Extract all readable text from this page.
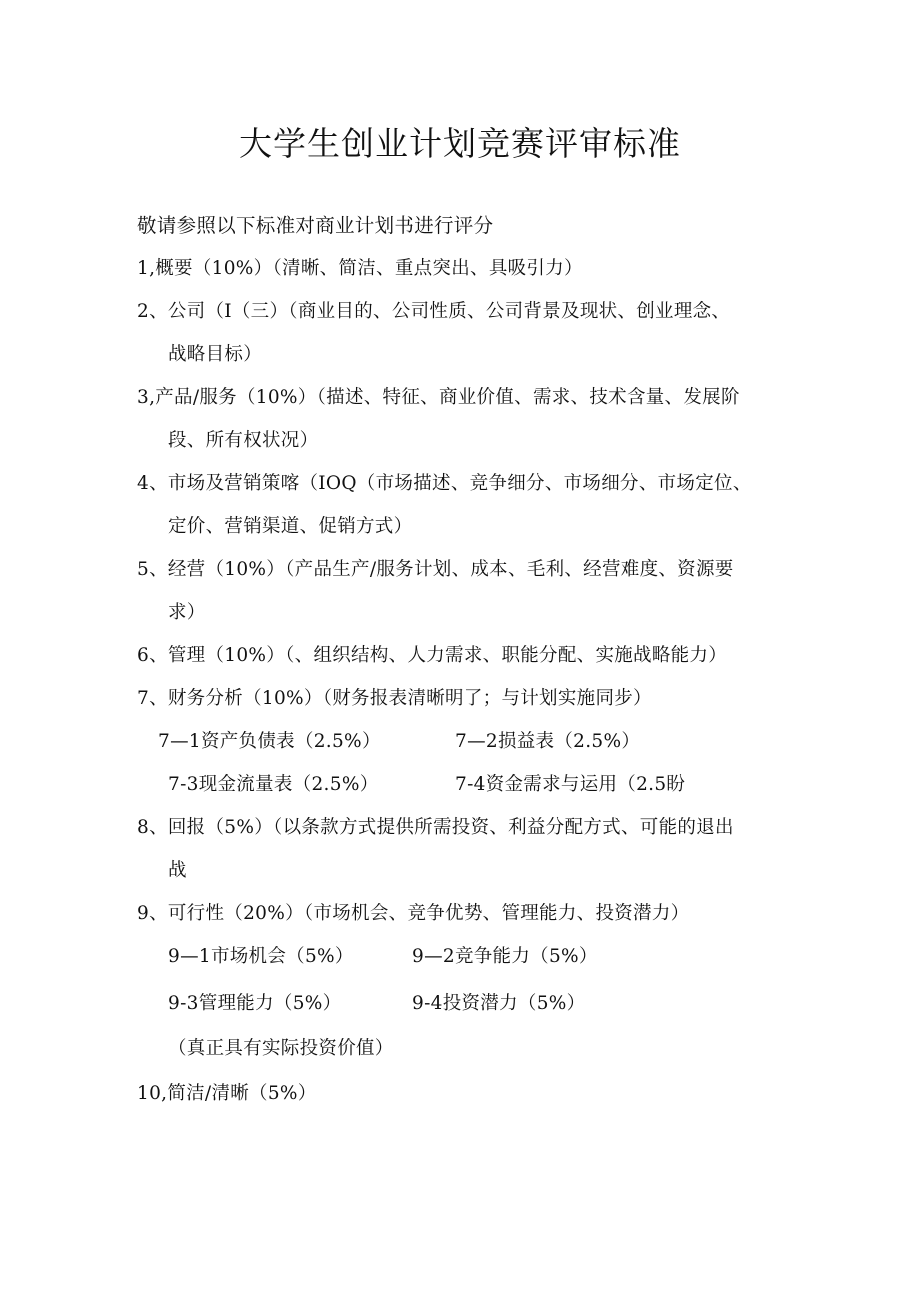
大学生创业计划竞赛评审标准
敬请参照以下标准对商业计划书进行评分
1,概要（10%）（清晰、简洁、重点突出、具吸引力）
2、公司（I（三）（商业目的、公司性质、公司背景及现状、创业理念、
战略目标）
3,产品/服务（10%）（描述、特征、商业价值、需求、技术含量、发展阶
段、所有权状况）
4、市场及营销策喀（IOQ（市场描述、竞争细分、市场细分、市场定位、
定价、营销渠道、促销方式）
5、经营（10%）（产品生产/服务计划、成本、毛利、经营难度、资源要
求）
6、管理（10%）（、组织结构、人力需求、职能分配、实施战略能力）
7、财务分析（10%）（财务报表清晰明了；与计划实施同步）
7—1资产负债表（2.5%）	7—2损益表（2.5%）
7-3现金流量表（2.5%）	7-4资金需求与运用（2.5盼
8、回报（5%）（以条款方式提供所需投资、利益分配方式、可能的退出
战
9、可行性（20%）（市场机会、竞争优势、管理能力、投资潜力）
9—1市场机会（5%）	9—2竞争能力（5%）
9-3管理能力（5%）	9-4投资潜力（5%）
（真正具有实际投资价值）
10,简洁/清晰（5%）
